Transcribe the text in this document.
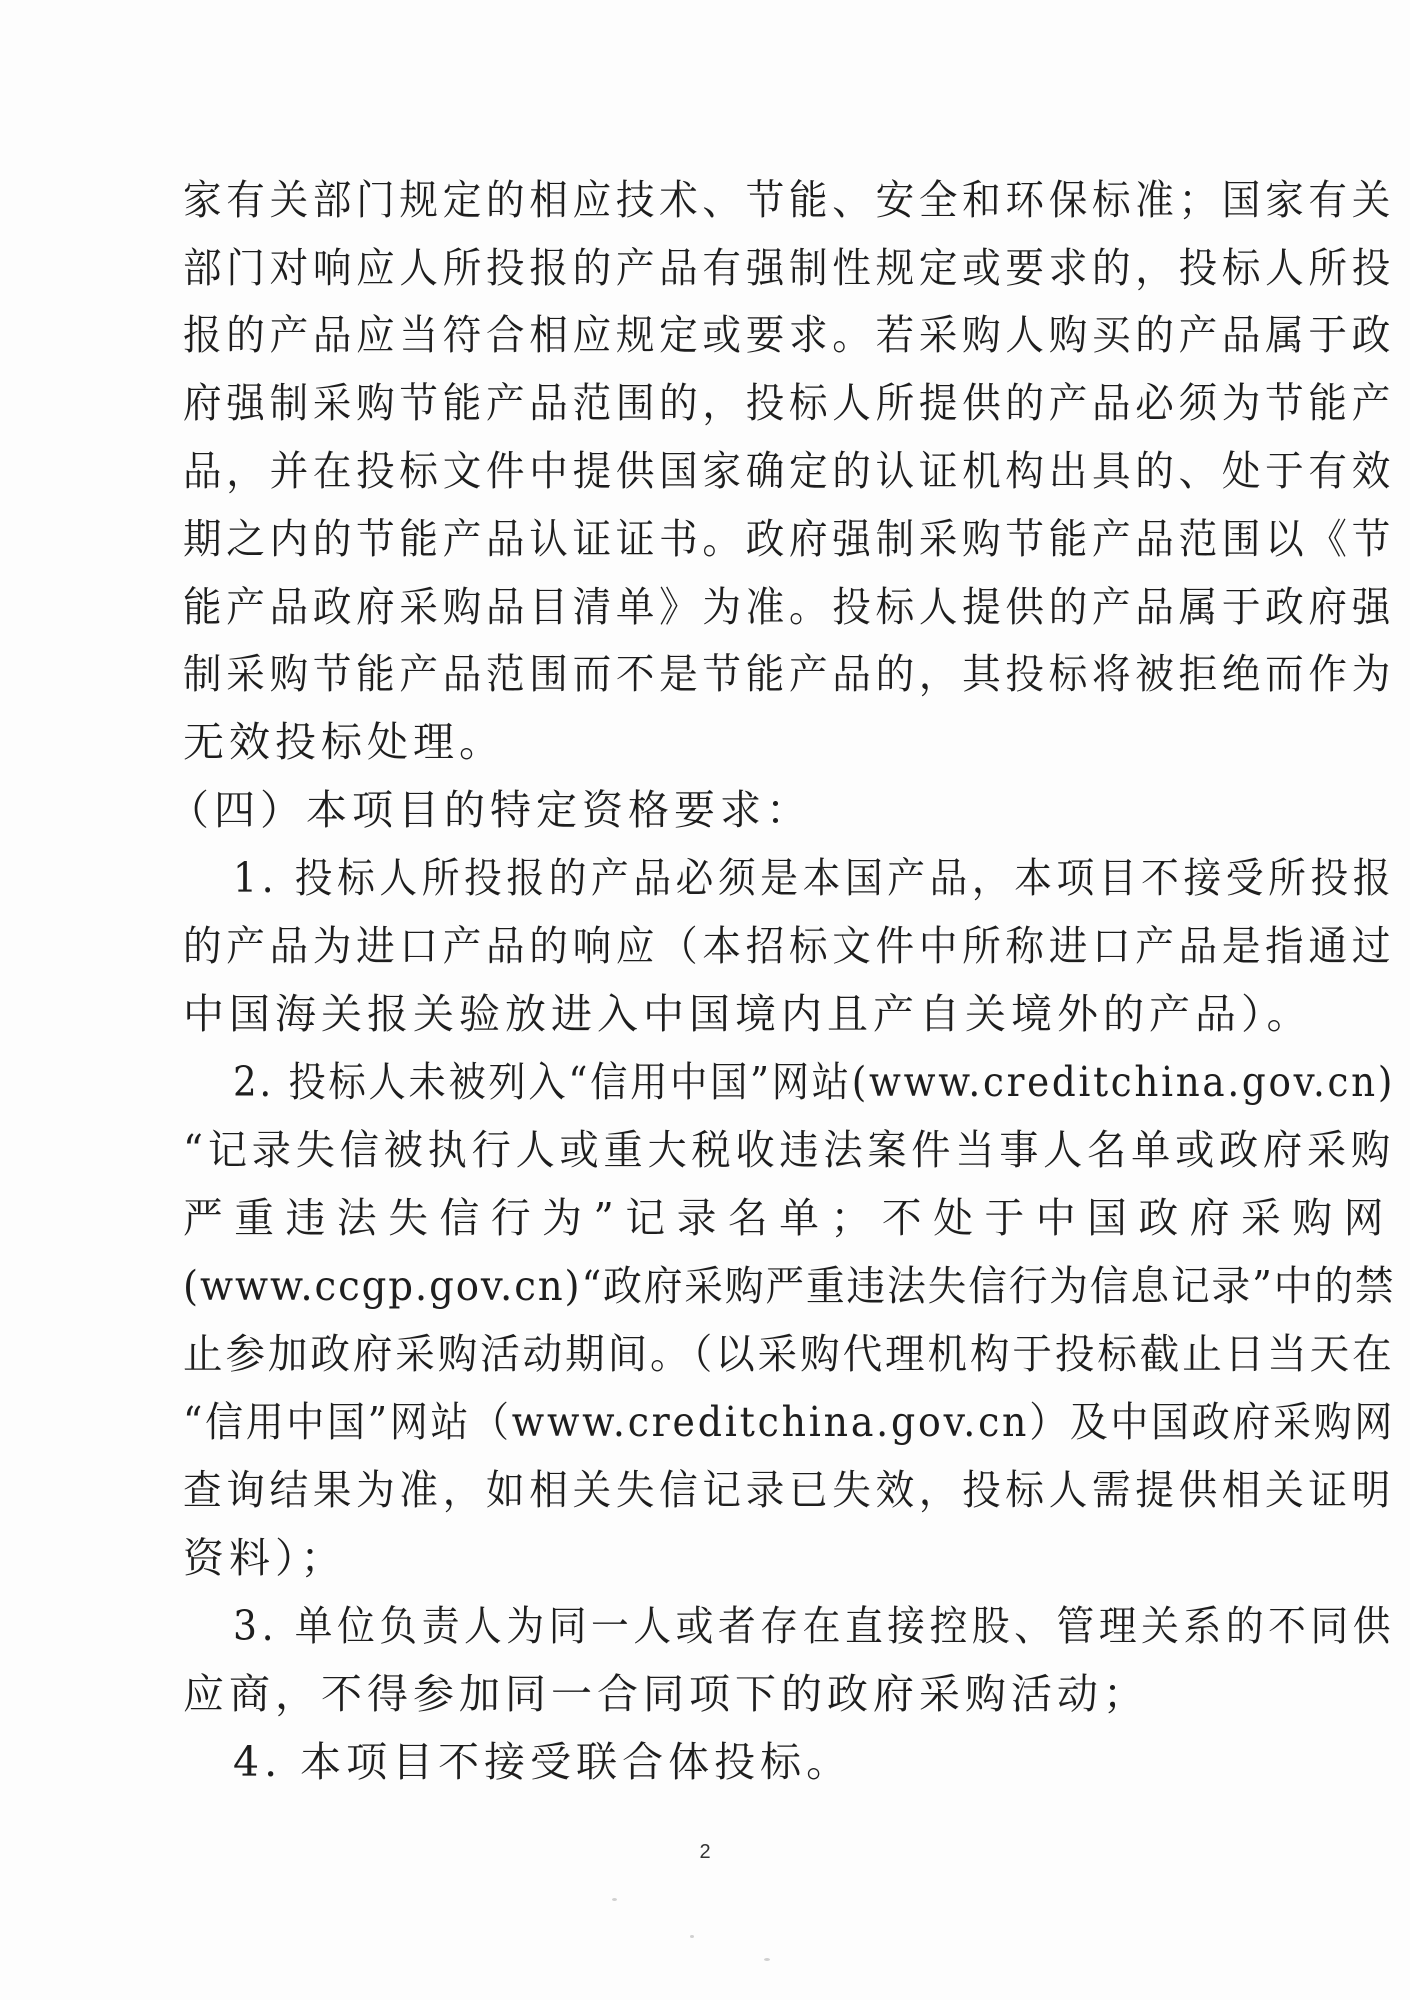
家有关部门规定的相应技术、节能、安全和环保标准；国家有关
部门对响应人所投报的产品有强制性规定或要求的，投标人所投
报的产品应当符合相应规定或要求。若采购人购买的产品属于政
府强制采购节能产品范围的，投标人所提供的产品必须为节能产
品，并在投标文件中提供国家确定的认证机构出具的、处于有效
期之内的节能产品认证证书。政府强制采购节能产品范围以《节
能产品政府采购品目清单》为准。投标人提供的产品属于政府强
制采购节能产品范围而不是节能产品的，其投标将被拒绝而作为
无效投标处理。
（四）本项目的特定资格要求：
1. 投标人所投报的产品必须是本国产品，本项目不接受所投报
的产品为进口产品的响应（本招标文件中所称进口产品是指通过
中国海关报关验放进入中国境内且产自关境外的产品）。
2. 投标人未被列入“信用中国”网站(www.creditchina.gov.cn)
“记录失信被执行人或重大税收违法案件当事人名单或政府采购
严重违法失信行为”记录名单；不处于中国政府采购网
(www.ccgp.gov.cn)“政府采购严重违法失信行为信息记录”中的禁
止参加政府采购活动期间。（以采购代理机构于投标截止日当天在
“信用中国”网站（www.creditchina.gov.cn）及中国政府采购网
查询结果为准，如相关失信记录已失效，投标人需提供相关证明
资料）；
3. 单位负责人为同一人或者存在直接控股、管理关系的不同供
应商，不得参加同一合同项下的政府采购活动；
4. 本项目不接受联合体投标。
2
